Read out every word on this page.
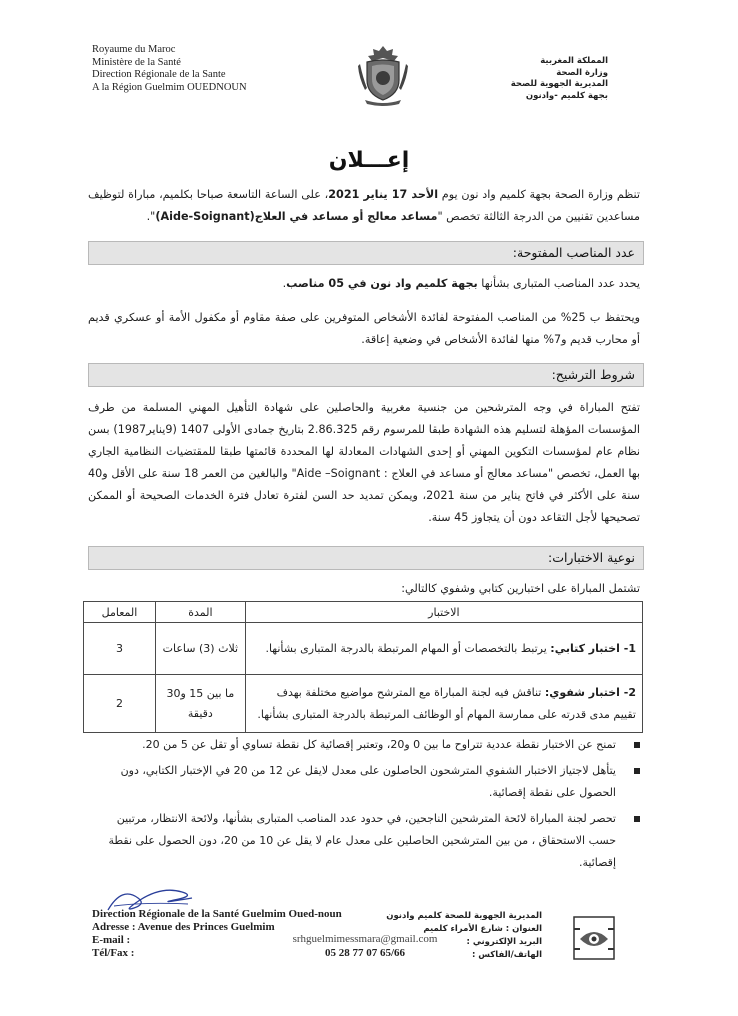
Royaume du Maroc
Ministère de la Santé
Direction Régionale de la Sante
A la Région Guelmim OUEDNOUN
المملكة المغربية
وزارة الصحة
المديرية الجهوية للصحة
بجهة كلميم -وادنون
إعـــلان
تنظم وزارة الصحة بجهة كلميم واد نون يوم الأحد 17 يناير 2021، على الساعة التاسعة صباحا بكلميم، مباراة لتوظيف مساعدين تقنيين من الدرجة الثالثة تخصص "مساعد معالج أو مساعد في العلاج(Aide-Soignant)".
عدد المناصب المفتوحة:
يحدد عدد المناصب المتبارى بشأنها بجهة كلميم واد نون في 05 مناصب.
ويحتفظ ب 25% من المناصب المفتوحة لفائدة الأشخاص المتوفرين على صفة مقاوم أو مكفول الأمة أو عسكري قديم أو محارب قديم و7% منها لفائدة الأشخاص في وضعية إعاقة.
شروط الترشيح:
تفتح المباراة في وجه المترشحين من جنسية مغربية والحاصلين على شهادة التأهيل المهني المسلمة من طرف المؤسسات المؤهلة لتسليم هذه الشهادة طبقا للمرسوم رقم 2.86.325 بتاريخ جمادى الأولى 1407 (9يناير1987) بسن نظام عام لمؤسسات التكوين المهني أو إحدى الشهادات المعادلة لها المحددة قائمتها طبقا للمقتضيات النظامية الجاري بها العمل، تخصص "مساعد معالج أو مساعد في العلاج : Aide –Soignant" والبالغين من العمر 18 سنة على الأقل و40 سنة على الأكثر في فاتح يناير من سنة 2021، ويمكن تمديد حد السن لفترة تعادل فترة الخدمات الصحيحة أو الممكن تصحيحها لأجل التقاعد دون أن يتجاوز 45 سنة.
نوعية الاختبارات:
تشتمل المباراة على اختبارين كتابي وشفوي كالتالي:
الاختبار	المدة	المعامل
1- اختبار كتابي: يرتبط بالتخصصات أو المهام المرتبطة بالدرجة المتبارى بشأنها.	ثلاث (3) ساعات	3
2- اختبار شفوي: تناقش فيه لجنة المباراة مع المترشح مواضيع مختلفة بهدف تقييم مدى قدرته على ممارسة المهام أو الوظائف المرتبطة بالدرجة المتبارى بشأنها.	ما بين 15 و30 دقيقة	2
تمنح عن الاختبار نقطة عددية تتراوح ما بين 0 و20، وتعتبر إقصائية كل نقطة تساوي أو تقل عن 5 من 20.
يتأهل لاجتياز الاختبار الشفوي المترشحون الحاصلون على معدل لايقل عن 12 من 20 في الإختبار الكتابي، دون الحصول على نقطة إقصائية.
تحصر لجنة المباراة لائحة المترشحين الناجحين، في حدود عدد المناصب المتبارى بشأنها، ولائحة الانتظار، مرتبين حسب الاستحقاق ، من بين المترشحين الحاصلين على معدل عام لا يقل عن 10 من 20، دون الحصول على نقطة إقصائية.
Direction Régionale de la Santé Guelmim Oued-noun
Adresse : Avenue des Princes Guelmim
E-mail :
Tél/Fax :
srhguelmimessmara@gmail.com
05 28 77 07 65/66
المديرية الجهوية للصحة كلميم وادنون
العنوان : شارع الأمراء كلميم
البريد الإلكتروني :
الهاتف/الفاكس :
